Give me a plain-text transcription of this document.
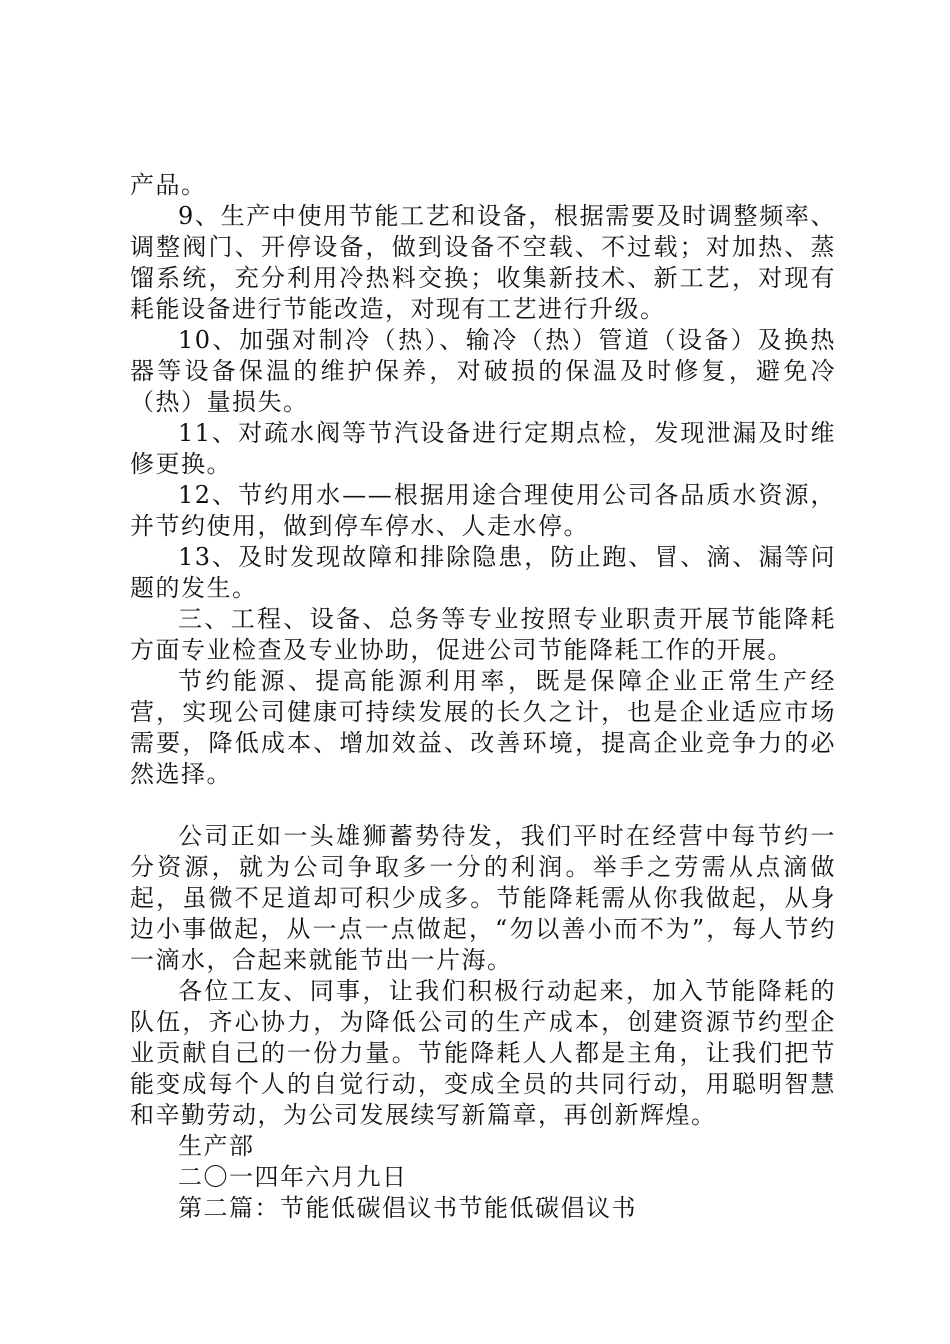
产品。

9、生产中使用节能工艺和设备，根据需要及时调整频率、调整阀门、开停设备，做到设备不空载、不过载；对加热、蒸馏系统，充分利用冷热料交换；收集新技术、新工艺，对现有耗能设备进行节能改造，对现有工艺进行升级。

10、加强对制冷（热）、输冷（热）管道（设备）及换热器等设备保温的维护保养，对破损的保温及时修复，避免冷（热）量损失。

11、对疏水阀等节汽设备进行定期点检，发现泄漏及时维修更换。

12、节约用水——根据用途合理使用公司各品质水资源，并节约使用，做到停车停水、人走水停。

13、及时发现故障和排除隐患，防止跑、冒、滴、漏等问题的发生。

三、工程、设备、总务等专业按照专业职责开展节能降耗方面专业检查及专业协助，促进公司节能降耗工作的开展。

节约能源、提高能源利用率，既是保障企业正常生产经营，实现公司健康可持续发展的长久之计，也是企业适应市场需要，降低成本、增加效益、改善环境，提高企业竞争力的必然选择。

公司正如一头雄狮蓄势待发，我们平时在经营中每节约一分资源，就为公司争取多一分的利润。举手之劳需从点滴做起，虽微不足道却可积少成多。节能降耗需从你我做起，从身边小事做起，从一点一点做起，“勿以善小而不为”，每人节约一滴水，合起来就能节出一片海。

各位工友、同事，让我们积极行动起来，加入节能降耗的队伍，齐心协力，为降低公司的生产成本，创建资源节约型企业贡献自己的一份力量。节能降耗人人都是主角，让我们把节能变成每个人的自觉行动，变成全员的共同行动，用聪明智慧和辛勤劳动，为公司发展续写新篇章，再创新辉煌。

生产部

二〇一四年六月九日

第二篇：节能低碳倡议书节能低碳倡议书
